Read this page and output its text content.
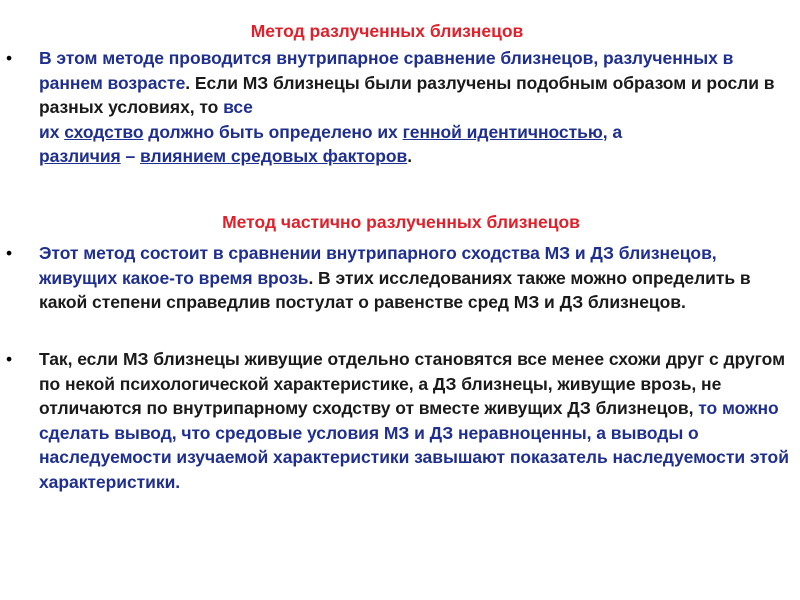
Метод разлученных близнецов
• В этом методе проводится внутрипарное сравнение близнецов, разлученных в раннем возрасте. Если МЗ близнецы были разлучены подобным образом и росли в разных условиях, то все
их сходство должно быть определено их генной идентичностью, а
различия – влиянием средовых факторов.

Метод частично разлученных близнецов
• Этот метод состоит в сравнении внутрипарного сходства МЗ и ДЗ близнецов, живущих какое-то время врозь. В этих исследованиях также можно определить в какой степени справедлив постулат о равенстве сред МЗ и ДЗ близнецов.

• Так, если МЗ близнецы живущие отдельно становятся все менее схожи друг с другом по некой психологической характеристике, а ДЗ близнецы, живущие врозь, не отличаются по внутрипарному сходству от вместе живущих ДЗ близнецов, то можно сделать вывод, что средовые условия МЗ и ДЗ неравноценны, а выводы о наследуемости изучаемой характеристики завышают показатель наследуемости этой характеристики.
